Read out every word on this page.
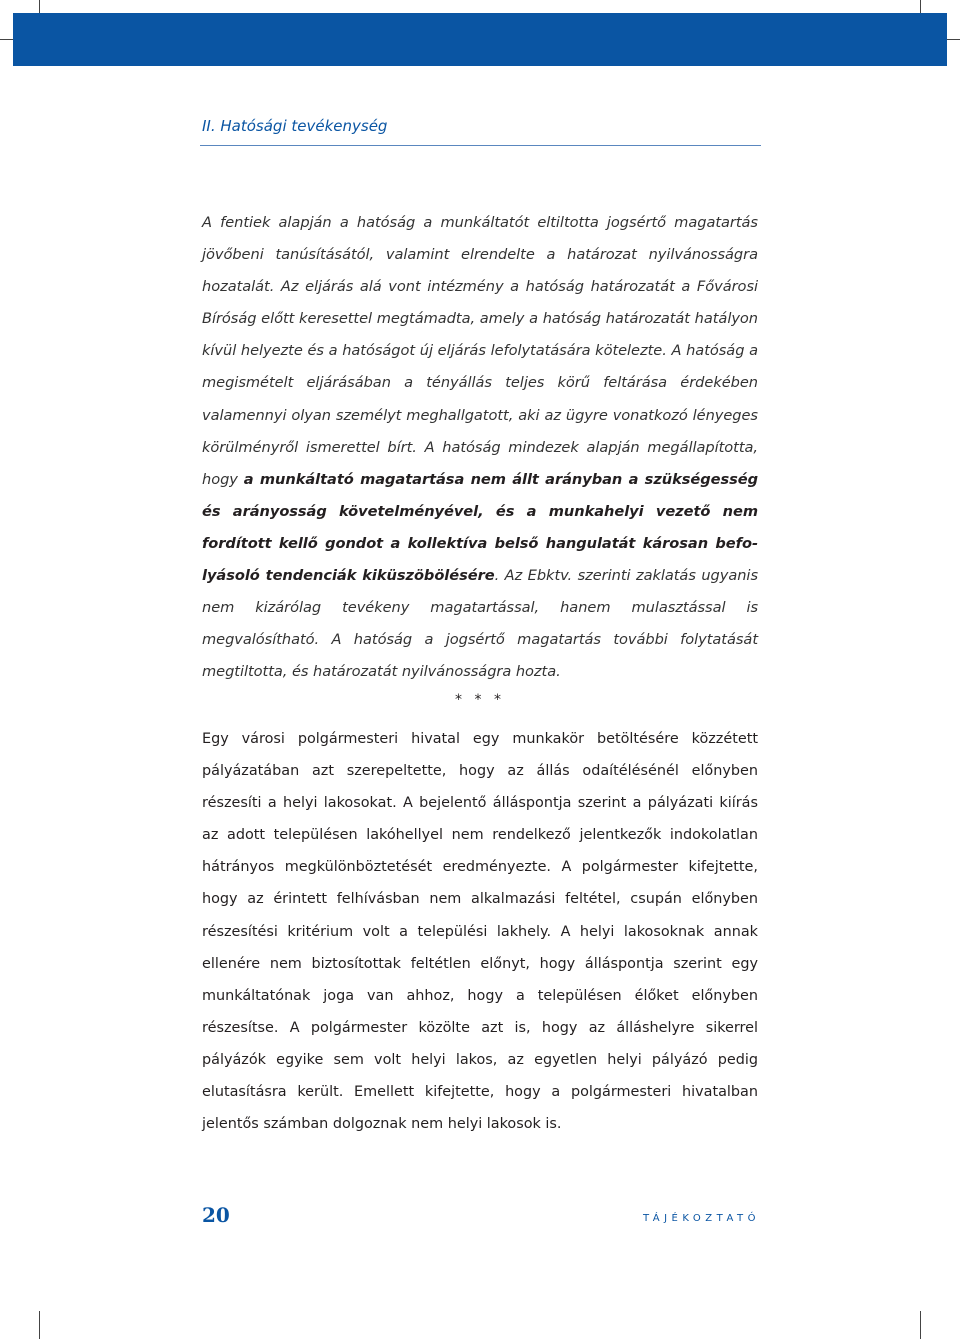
II. Hatósági tevékenység
A fentiek alapján a hatóság a munkáltatót eltiltotta jogsértő magatartás jövőbeni tanúsításától, valamint elrendelte a határozat nyilvánosságra hozatalát. Az eljárás alá vont intézmény a hatóság határozatát a Fővárosi Bíróság előtt keresettel megtámadta, amely a hatóság határozatát hatályon kívül helyezte és a hatóságot új eljárás lefolytatására kötelezte. A hatóság a megismételt eljárásában a tényállás teljes körű feltárása érdekében valamennyi olyan személyt meghallgatott, aki az ügyre vonatkozó lényeges körülményről ismerettel bírt. A hatóság mindezek alapján megállapította, hogy a munkáltató magatartása nem állt arányban a szükségesség és arányosság követelményével, és a munkahelyi vezető nem fordított kellő gondot a kollektíva belső hangulatát károsan befolyásoló tendenciák kiküszöbölésére. Az Ebktv. szerinti zaklatás ugyanis nem kizárólag tevékeny magatartással, hanem mulasztással is megvalósítható. A hatóság a jogsértő magatartás további folytatását megtiltotta, és határozatát nyilvánosságra hozta.
* * *
Egy városi polgármesteri hivatal egy munkakör betöltésére közzétett pályázatában azt szerepeltette, hogy az állás odaítélésénél előnyben részesíti a helyi lakosokat. A bejelentő álláspontja szerint a pályázati kiírás az adott településen lakóhellyel nem rendelkező jelentkezők indokolatlan hátrányos megkülönböztetését eredményezte. A polgármester kifejtette, hogy az érintett felhívásban nem alkalmazási feltétel, csupán előnyben részesítési kritérium volt a települési lakhely. A helyi lakosoknak annak ellenére nem biztosítottak feltétlen előnyt, hogy álláspontja szerint egy munkáltatónak joga van ahhoz, hogy a településen élőket előnyben részesítse. A polgármester közölte azt is, hogy az álláshelyre sikerrel pályázók egyike sem volt helyi lakos, az egyetlen helyi pályázó pedig elutasításra került. Emellett kifejtette, hogy a polgármesteri hivatalban jelentős számban dolgoznak nem helyi lakosok is.
20	TÁJÉKOZTATÓ
